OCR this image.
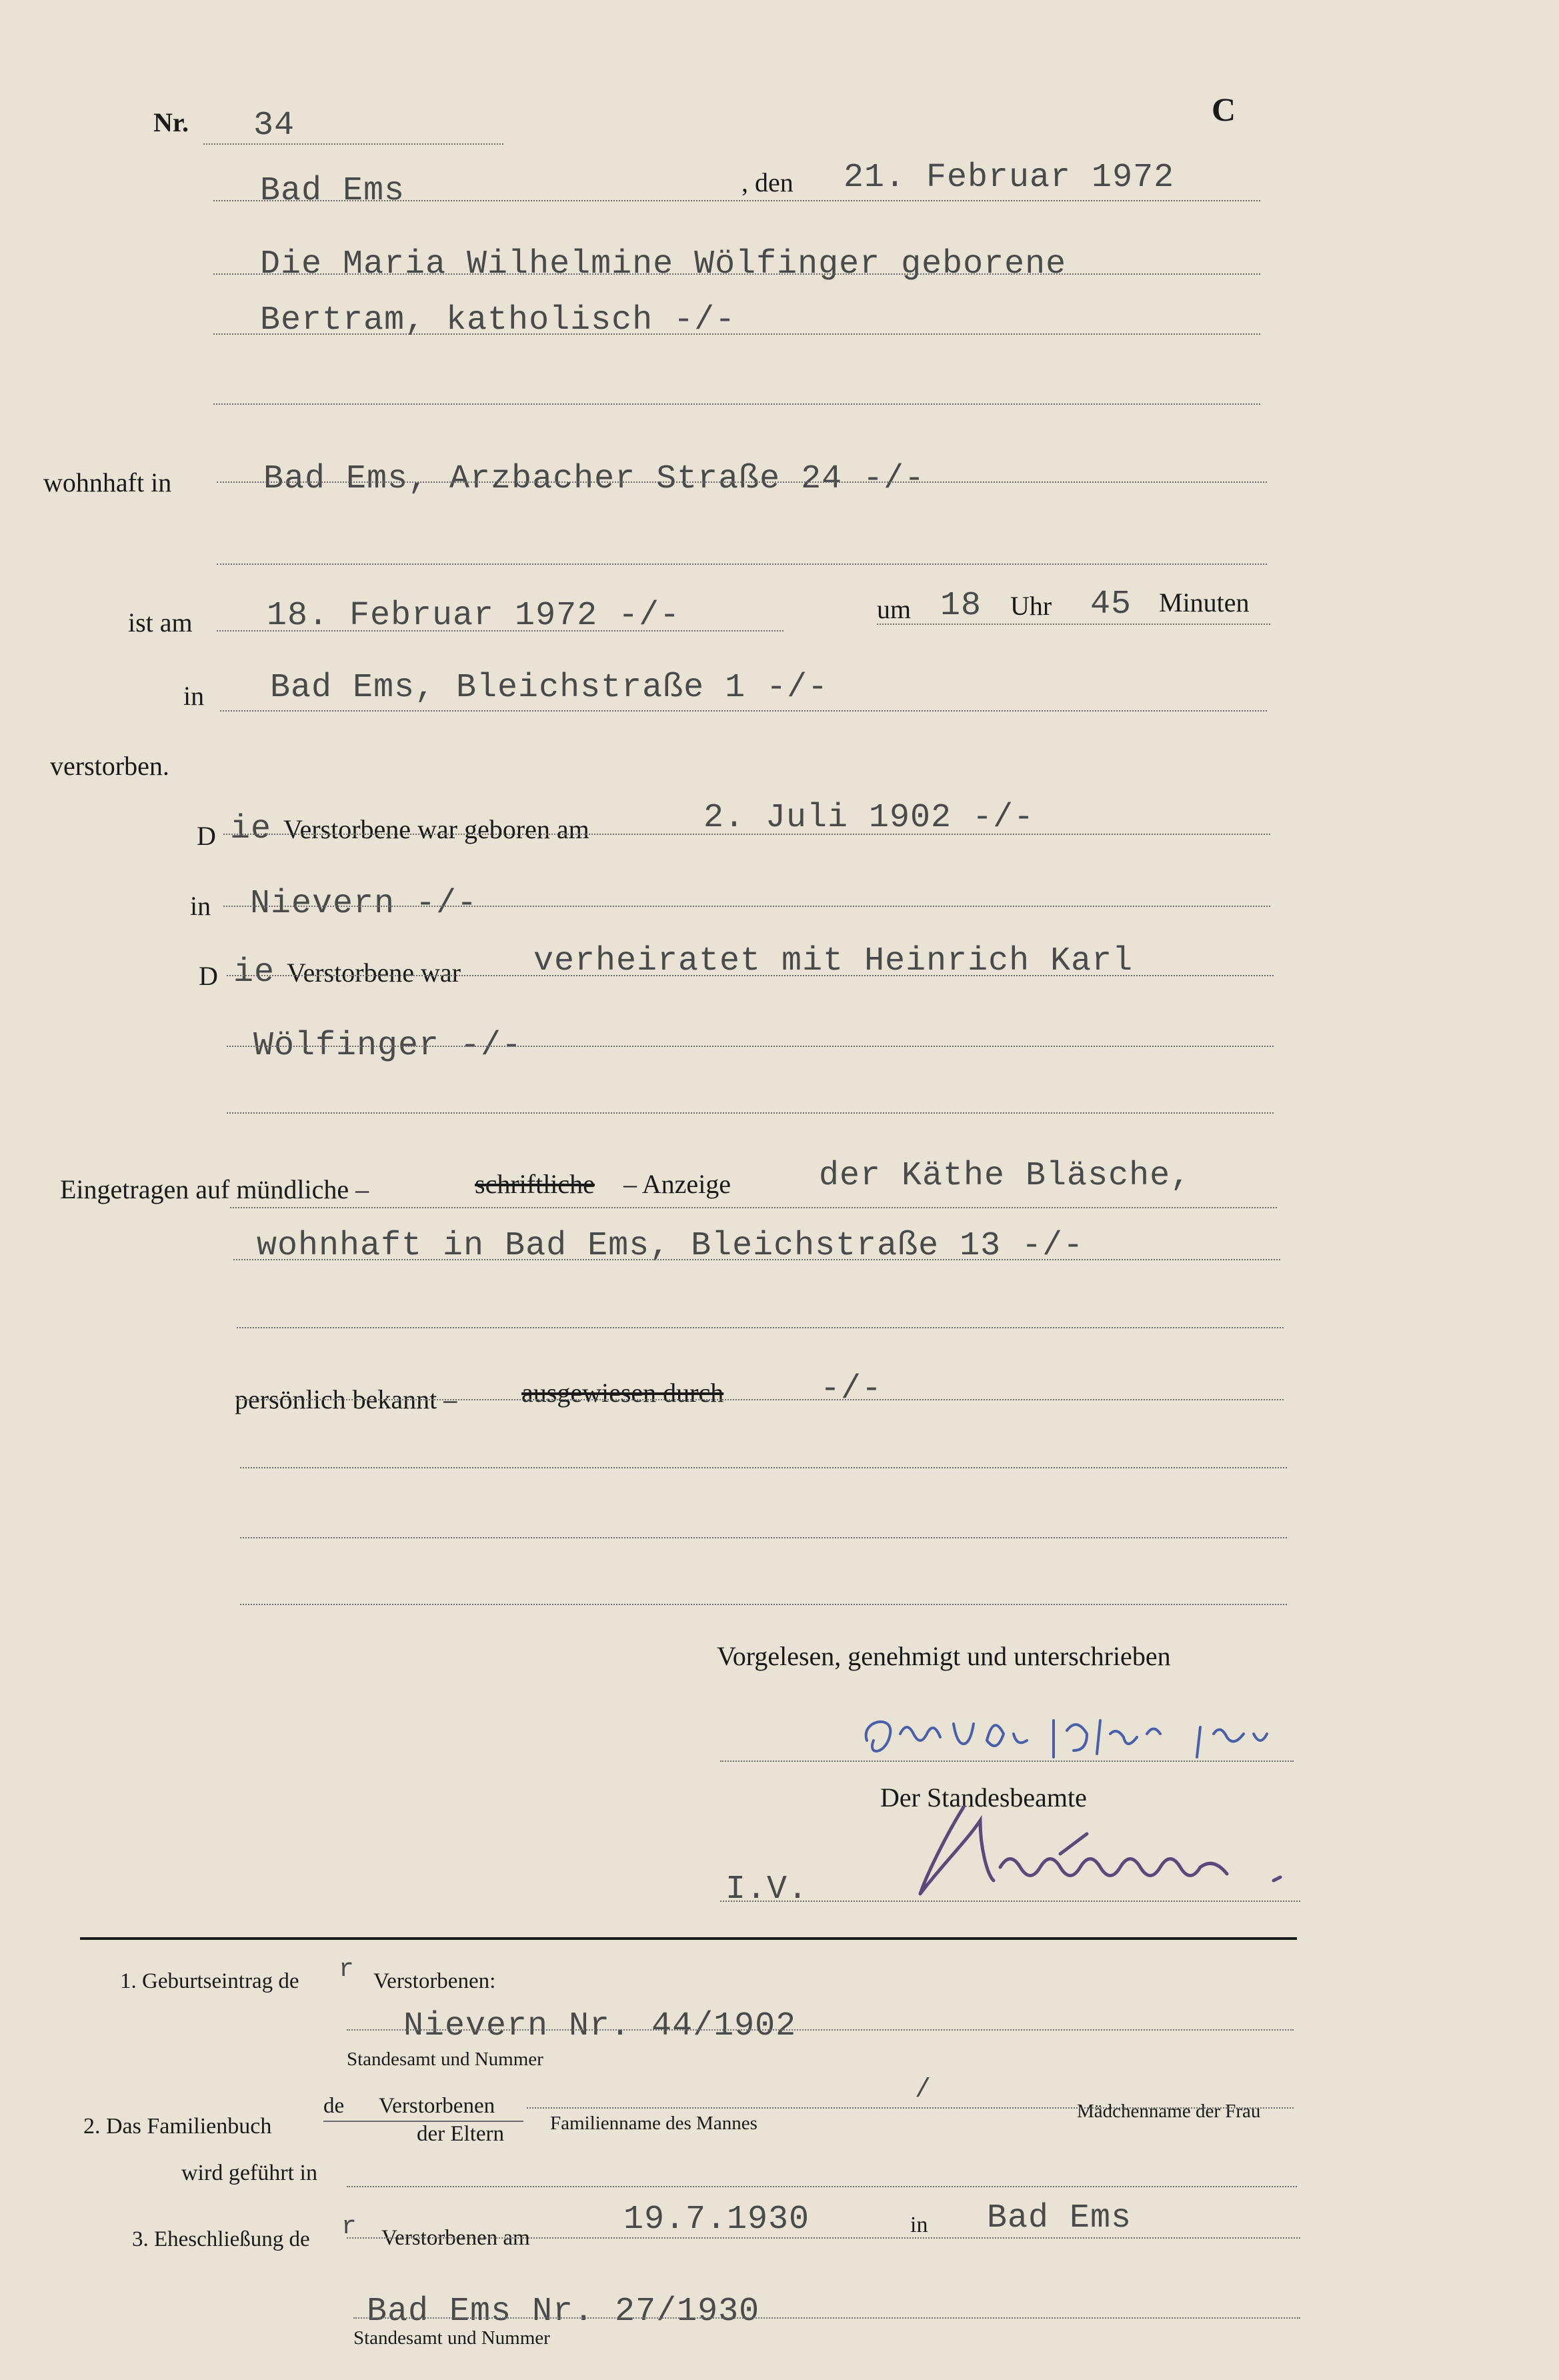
Nr. 34	C
Bad Ems	, den 21. Februar 1972
Die Maria Wilhelmine Wölfinger geborene
Bertram, katholisch -/-
wohnhaft in	Bad Ems, Arzbacher Straße 24 -/-
ist am 18. Februar 1972 -/-	um 18 Uhr 45 Minuten
in Bad Ems, Bleichstraße 1 -/-
verstorben.
D ie Verstorbene war geboren am	2. Juli 1902 -/-
in Nievern -/-
D ie Verstorbene war verheiratet mit Heinrich Karl
Wölfinger -/-
Eingetragen auf mündliche –	schriftliche – Anzeige	der Käthe Bläsche,
wohnhaft in Bad Ems, Bleichstraße 13 -/-
persönlich bekannt – ausgewiesen durch	-/-
Vorgelesen, genehmigt und unterschrieben
Der Standesbeamte
I.V.
1. Geburtseintrag de r Verstorbenen:
Nievern Nr. 44/1902
Standesamt und Nummer
2. Das Familienbuch
de Verstorbenen
der Eltern Familienname des Mannes
/
Mädchenname der Frau
wird geführt in
3. Eheschließung de r Verstorbenen am	19.7.1930	in Bad Ems
Bad Ems Nr. 27/1930
Standesamt und Nummer
